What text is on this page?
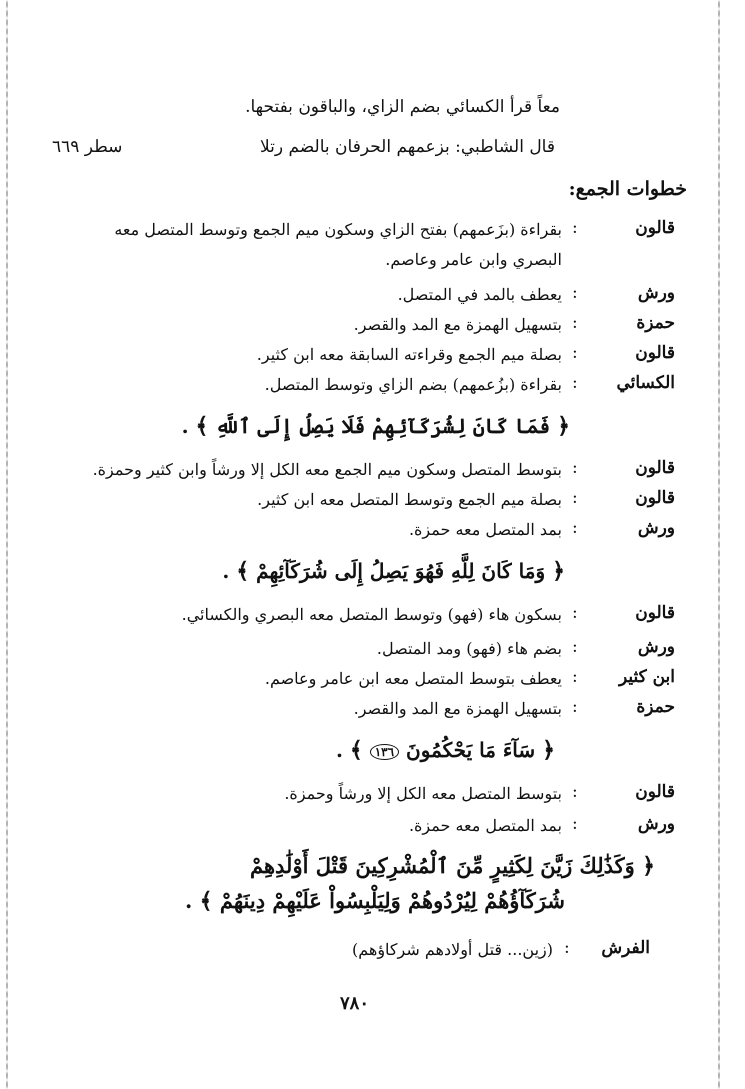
معاً قرأ الكسائي بضم الزاي، والباقون بفتحها.
قال الشاطبي: بزعمهم الحرفان بالضم رتلا
سطر ٦٦٩
خطوات الجمع:
قالون
:
بقراءة (بزَعمهم) بفتح الزاي وسكون ميم الجمع وتوسط المتصل معه
البصري وابن عامر وعاصم.
ورش
:
يعطف بالمد في المتصل.
حمزة
:
بتسهيل الهمزة مع المد والقصر.
قالون
:
بصلة ميم الجمع وقراءته السابقة معه ابن كثير.
الكسائي
:
بقراءة (بزُعمهم) بضم الزاي وتوسط المتصل.
﴿ فَمَا كَانَ لِشُرَكَآئِهِمْ فَلَا يَصِلُ إِلَى ٱللَّهِ ﴾ .
قالون
:
بتوسط المتصل وسكون ميم الجمع معه الكل إلا ورشاً وابن كثير وحمزة.
قالون
:
بصلة ميم الجمع وتوسط المتصل معه ابن كثير.
ورش
:
بمد المتصل معه حمزة.
﴿ وَمَا كَانَ لِلَّهِ فَهُوَ يَصِلُ إِلَى شُرَكَآئِهِمْ ﴾ .
قالون
:
بسكون هاء (فهو) وتوسط المتصل معه البصري والكسائي.
ورش
:
بضم هاء (فهو) ومد المتصل.
ابن كثير
:
يعطف بتوسط المتصل معه ابن عامر وعاصم.
حمزة
:
بتسهيل الهمزة مع المد والقصر.
﴿ سَآءَ مَا يَحْكُمُونَ ١٣٦ ﴾ .
قالون
:
بتوسط المتصل معه الكل إلا ورشاً وحمزة.
ورش
:
بمد المتصل معه حمزة.
﴿ وَكَذَٰلِكَ زَيَّنَ لِكَثِيرٍ مِّنَ ٱلْمُشْرِكِينَ قَتْلَ أَوْلَٰدِهِمْ
شُرَكَآؤُهُمْ لِيُرْدُوهُمْ وَلِيَلْبِسُواْ عَلَيْهِمْ دِينَهُمْ ﴾ .
الفرش
:
(زين... قتل أولادهم شركاؤهم)
٧٨٠
